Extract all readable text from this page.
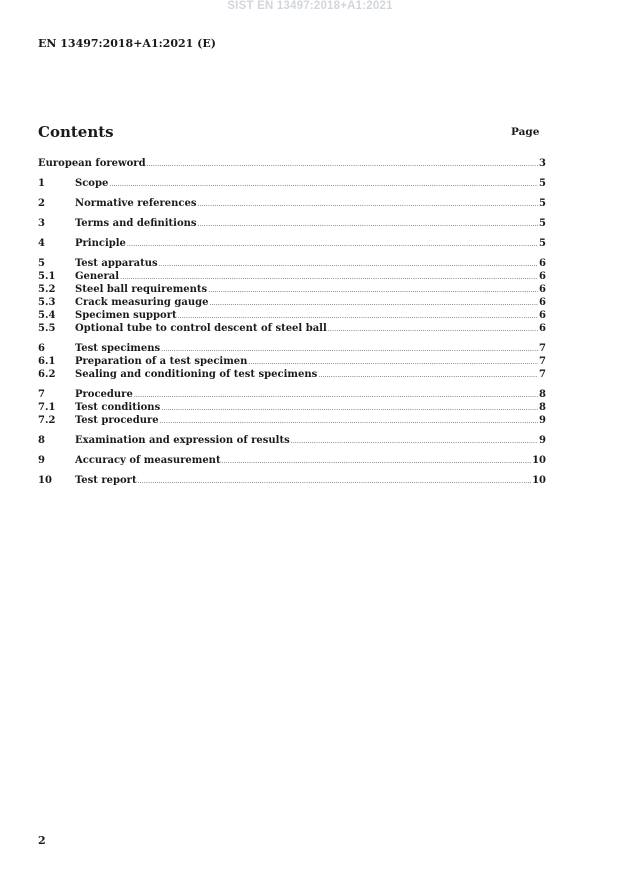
SIST EN 13497:2018+A1:2021
EN 13497:2018+A1:2021 (E)
Contents	Page
European foreword .....	3
1	Scope .....	5
2	Normative references .....	5
3	Terms and definitions .....	5
4	Principle .....	5
5	Test apparatus .....	6
5.1	General .....	6
5.2	Steel ball requirements .....	6
5.3	Crack measuring gauge .....	6
5.4	Specimen support .....	6
5.5	Optional tube to control descent of steel ball .....	6
6	Test specimens .....	7
6.1	Preparation of a test specimen .....	7
6.2	Sealing and conditioning of test specimens .....	7
7	Procedure .....	8
7.1	Test conditions .....	8
7.2	Test procedure .....	9
8	Examination and expression of results .....	9
9	Accuracy of measurement .....	10
10	Test report .....	10
2
